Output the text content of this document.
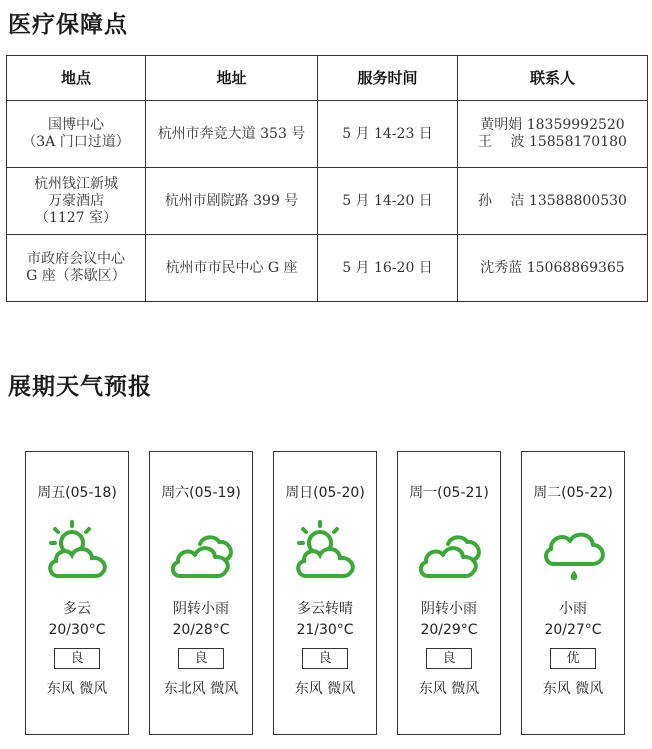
医疗保障点
地点	地址	服务时间	联系人

国博中心
（3A 门口过道）	杭州市奔竞大道 353 号	5 月 14-23 日	黄明娟 18359992520
王　 波 15858170180

杭州钱江新城
万豪酒店
（1127 室）	杭州市剧院路 399 号	5 月 14-20 日	孙　 洁 13588800530

市政府会议中心
G 座（茶歇区）	杭州市市民中心 G 座	5 月 16-20 日	沈秀蓝 15068869365
展期天气预报
周五(05-18)
多云
20/30°C
良
东风 微风
周六(05-19)
阴转小雨
20/28°C
良
东北风 微风
周日(05-20)
多云转晴
21/30°C
良
东风 微风
周一(05-21)
阴转小雨
20/29°C
良
东风 微风
周二(05-22)
小雨
20/27°C
优
东风 微风
